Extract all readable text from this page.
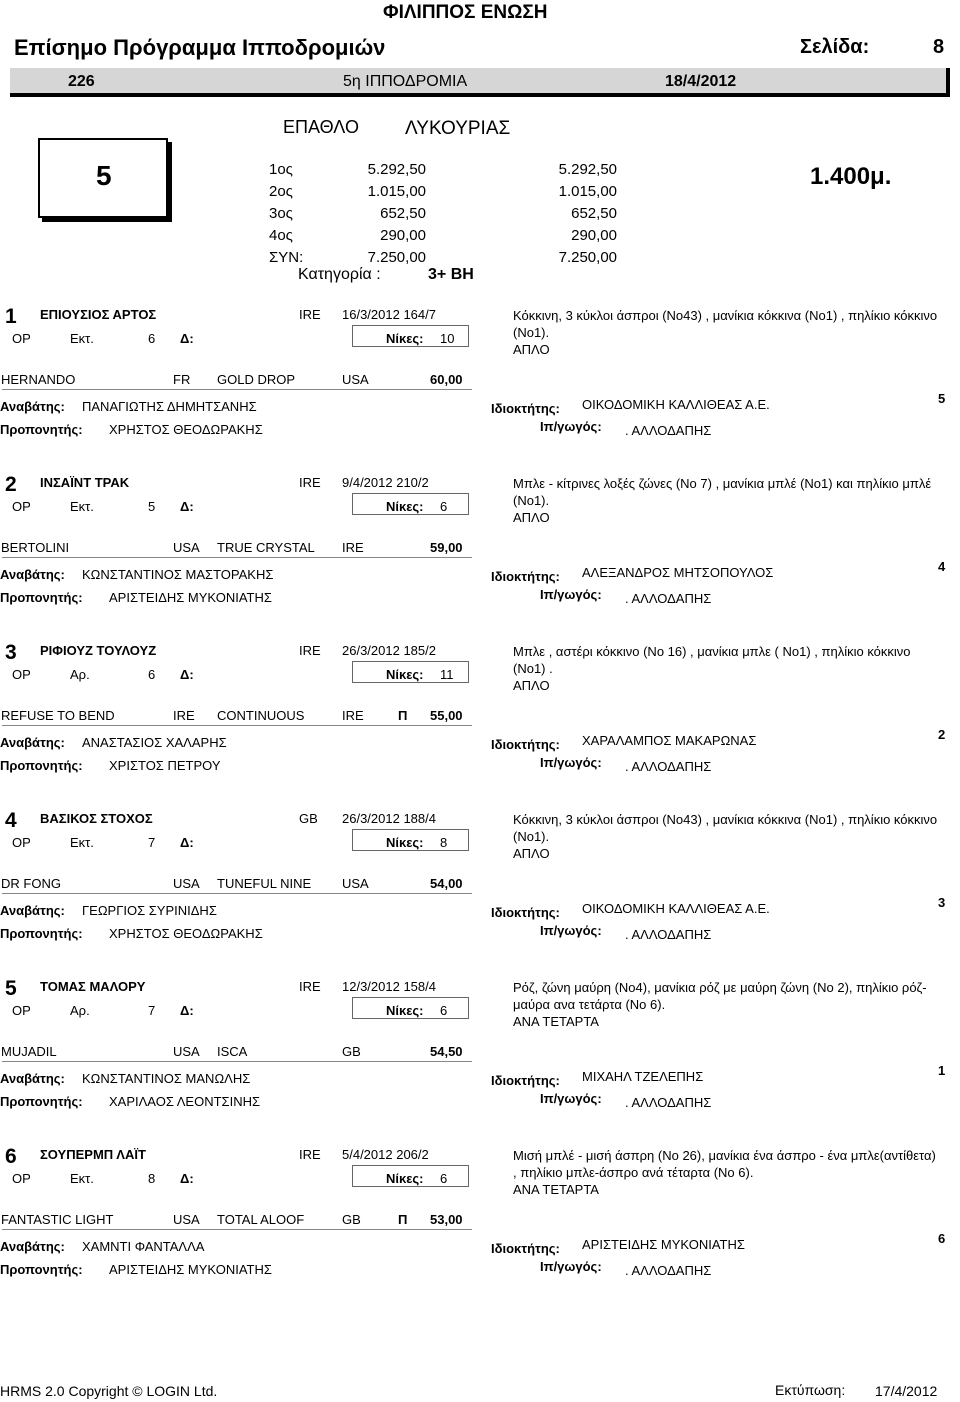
ΦΙΛΙΠΠΟΣ ΕΝΩΣΗ
Επίσημο Πρόγραμμα Ιπποδρομιών	Σελίδα:	8
226	5η ΙΠΠΟΔΡΟΜΙΑ	18/4/2012
5
ΕΠΑΘΛΟ ΛΥΚΟΥΡΙΑΣ
1.400μ.
1ος	5.292,50	5.292,50
2ος	1.015,00	1.015,00
3ος	652,50	652,50
4ος	290,00	290,00
ΣΥΝ:	7.250,00	7.250,00
Κατηγορία :	3+ ΒΗ
1 ΕΠΙΟΥΣΙΟΣ ΑΡΤΟΣ	IRE 16/3/2012 164/7	Κόκκινη, 3 κύκλοι άσπροι (Νο43) , μανίκια κόκκινα (Νο1) , πηλίκιο κόκκινο (Νο1).
ΑΠΛΟ
ΟΡ	Εκτ.	6 Δ:	Νίκες: 10
HERNANDO	FR GOLD DROP	USA	60,00
Αναβάτης: ΠΑΝΑΓΙΩΤΗΣ ΔΗΜΗΤΣΑΝΗΣ
Προπονητής: ΧΡΗΣΤΟΣ ΘΕΟΔΩΡΑΚΗΣ
Ιδιοκτήτης: ΟΙΚΟΔΟΜΙΚΗ ΚΑΛΛΙΘΕΑΣ Α.Ε.
Ιπ/γωγός: . ΑΛΛΟΔΑΠΗΣ
5
2 ΙΝΣΑΪΝΤ ΤΡΑΚ	IRE 9/4/2012 210/2	Μπλε - κίτρινες λοξές ζώνες (Νο 7) , μανίκια μπλέ (Νο1) και πηλίκιο μπλέ (Νο1).
ΑΠΛΟ
ΟΡ	Εκτ.	5 Δ:	Νίκες: 6
BERTOLINI	USA TRUE CRYSTAL IRE	59,00
Αναβάτης: ΚΩΝΣΤΑΝΤΙΝΟΣ ΜΑΣΤΟΡΑΚΗΣ
Προπονητής: ΑΡΙΣΤΕΙΔΗΣ ΜΥΚΟΝΙΑΤΗΣ
Ιδιοκτήτης: ΑΛΕΞΑΝΔΡΟΣ ΜΗΤΣΟΠΟΥΛΟΣ
Ιπ/γωγός: . ΑΛΛΟΔΑΠΗΣ
4
3 ΡΙΦΙΟΥΖ ΤΟΥΛΟΥΖ	IRE 26/3/2012 185/2	Μπλε , αστέρι κόκκινο (Νο 16) , μανίκια μπλε ( Νο1) , πηλίκιο κόκκινο (Νο1) .
ΑΠΛΟ
ΟΡ	Αρ.	6 Δ:	Νίκες: 11
REFUSE TO BEND	IRE CONTINUOUS	IRE	Π 55,00
Αναβάτης: ΑΝΑΣΤΑΣΙΟΣ ΧΑΛΑΡΗΣ
Προπονητής: ΧΡΙΣΤΟΣ ΠΕΤΡΟΥ
Ιδιοκτήτης: ΧΑΡΑΛΑΜΠΟΣ ΜΑΚΑΡΩΝΑΣ
Ιπ/γωγός: . ΑΛΛΟΔΑΠΗΣ
2
4 ΒΑΣΙΚΟΣ ΣΤΟΧΟΣ	GB 26/3/2012 188/4	Κόκκινη, 3 κύκλοι άσπροι (Νο43) , μανίκια κόκκινα (Νο1) , πηλίκιο κόκκινο (Νο1).
ΑΠΛΟ
ΟΡ	Εκτ.	7 Δ:	Νίκες: 8
DR FONG	USA TUNEFUL NINE USA	54,00
Αναβάτης: ΓΕΩΡΓΙΟΣ ΣΥΡΙΝΙΔΗΣ
Προπονητής: ΧΡΗΣΤΟΣ ΘΕΟΔΩΡΑΚΗΣ
Ιδιοκτήτης: ΟΙΚΟΔΟΜΙΚΗ ΚΑΛΛΙΘΕΑΣ Α.Ε.
Ιπ/γωγός: . ΑΛΛΟΔΑΠΗΣ
3
5 ΤΟΜΑΣ ΜΑΛΟΡΥ	IRE 12/3/2012 158/4	Ρόζ, ζώνη μαύρη (Νο4), μανίκια ρόζ με μαύρη ζώνη (Νο 2), πηλίκιο ρόζ-μαύρα ανα τετάρτα (Νο 6).
ΑΝΑ ΤΕΤΑΡΤΑ
ΟΡ	Αρ.	7 Δ:	Νίκες: 6
MUJADIL	USA ISCA	GB	54,50
Αναβάτης: ΚΩΝΣΤΑΝΤΙΝΟΣ ΜΑΝΩΛΗΣ
Προπονητής: ΧΑΡΙΛΑΟΣ ΛΕΟΝΤΣΙΝΗΣ
Ιδιοκτήτης: ΜΙΧΑΗΛ ΤΖΕΛΕΠΗΣ
Ιπ/γωγός: . ΑΛΛΟΔΑΠΗΣ
1
6 ΣΟΥΠΕΡΜΠ ΛΑΪΤ	IRE 5/4/2012 206/2	Μισή μπλέ - μισή άσπρη (Νο 26), μανίκια ένα άσπρο - ένα μπλε(αντίθετα) , πηλίκιο μπλε-άσπρο ανά τέταρτα (Νο 6).
ΑΝΑ ΤΕΤΑΡΤΑ
ΟΡ	Εκτ.	8 Δ:	Νίκες: 6
FANTASTIC LIGHT	USA TOTAL ALOOF	GB	Π 53,00
Αναβάτης: ΧΑΜΝΤΙ ΦΑΝΤΑΛΛΑ
Προπονητής: ΑΡΙΣΤΕΙΔΗΣ ΜΥΚΟΝΙΑΤΗΣ
Ιδιοκτήτης: ΑΡΙΣΤΕΙΔΗΣ ΜΥΚΟΝΙΑΤΗΣ
Ιπ/γωγός: . ΑΛΛΟΔΑΠΗΣ
6
HRMS 2.0 Copyright © LOGIN Ltd.	Εκτύπωση: 17/4/2012
